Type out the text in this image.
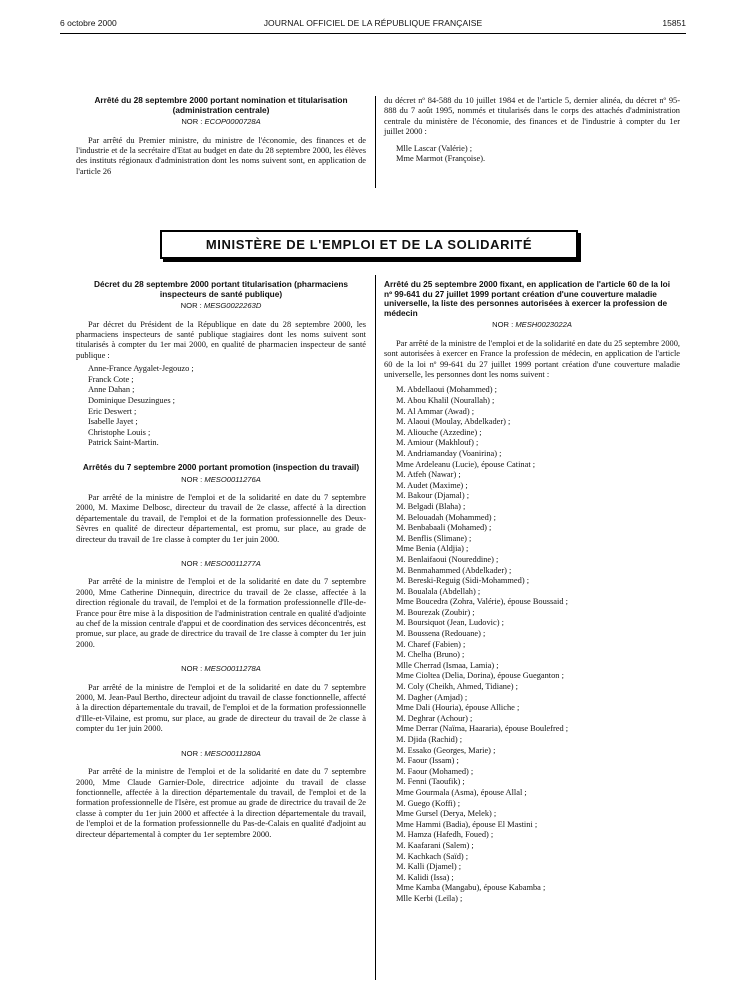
6 octobre 2000	JOURNAL OFFICIEL DE LA RÉPUBLIQUE FRANÇAISE	15851
Arrêté du 28 septembre 2000 portant nomination et titularisation (administration centrale)
NOR : ECOP0000728A

Par arrêté du Premier ministre, du ministre de l'économie, des finances et de l'industrie et de la secrétaire d'Etat au budget en date du 28 septembre 2000, les élèves des instituts régionaux d'administration dont les noms suivent sont, en application de l'article 26

du décret nº 84-588 du 10 juillet 1984 et de l'article 5, dernier alinéa, du décret nº 95-888 du 7 août 1995, nommés et titularisés dans le corps des attachés d'administration centrale du ministère de l'économie, des finances et de l'industrie à compter du 1er juillet 2000 :

Mlle Lascar (Valérie) ;
Mme Marmot (Françoise).
MINISTÈRE DE L'EMPLOI ET DE LA SOLIDARITÉ
Décret du 28 septembre 2000 portant titularisation (pharmaciens inspecteurs de santé publique)
NOR : MESG0022263D

Par décret du Président de la République en date du 28 septembre 2000, les pharmaciens inspecteurs de santé publique stagiaires dont les noms suivent sont titularisés à compter du 1er mai 2000, en qualité de pharmacien inspecteur de santé publique :

Anne-France Aygalet-Jegouzo ;
Franck Cote ;
Anne Dahan ;
Dominique Desuzingues ;
Eric Deswert ;
Isabelle Jayet ;
Christophe Louis ;
Patrick Saint-Martin.
Arrêtés du 7 septembre 2000 portant promotion (inspection du travail)
NOR : MESO0011276A

Par arrêté de la ministre de l'emploi et de la solidarité en date du 7 septembre 2000, M. Maxime Delbosc, directeur du travail de 2e classe, affecté à la direction départementale du travail, de l'emploi et de la formation professionnelle des Deux-Sèvres en qualité de directeur départemental, est promu, sur place, au grade de directeur du travail de 1re classe à compter du 1er juin 2000.

NOR : MESO0011277A

Par arrêté de la ministre de l'emploi et de la solidarité en date du 7 septembre 2000, Mme Catherine Dinnequin, directrice du travail de 2e classe, affectée à la direction régionale du travail, de l'emploi et de la formation professionnelle d'Ile-de-France pour être mise à la disposition de l'administration centrale en qualité d'adjointe au chef de la mission centrale d'appui et de coordination des services déconcentrés, est promue, sur place, au grade de directrice du travail de 1re classe à compter du 1er juin 2000.

NOR : MESO0011278A

Par arrêté de la ministre de l'emploi et de la solidarité en date du 7 septembre 2000, M. Jean-Paul Bertho, directeur adjoint du travail de classe fonctionnelle, affecté à la direction départementale du travail, de l'emploi et de la formation professionnelle d'Ille-et-Vilaine, est promu, sur place, au grade de directeur du travail de 2e classe à compter du 1er juin 2000.

NOR : MESO0011280A

Par arrêté de la ministre de l'emploi et de la solidarité en date du 7 septembre 2000, Mme Claude Garnier-Dole, directrice adjointe du travail de classe fonctionnelle, affectée à la direction départementale du travail, de l'emploi et de la formation professionnelle de l'Isère, est promue au grade de directrice du travail de 2e classe à compter du 1er juin 2000 et affectée à la direction départementale du travail, de l'emploi et de la formation professionnelle du Pas-de-Calais en qualité d'adjoint au directeur départemental à compter du 1er septembre 2000.

Arrêté du 25 septembre 2000 fixant, en application de l'article 60 de la loi nº 99-641 du 27 juillet 1999 portant création d'une couverture maladie universelle, la liste des personnes autorisées à exercer la profession de médecin
NOR : MESH0023022A

Par arrêté de la ministre de l'emploi et de la solidarité en date du 25 septembre 2000, sont autorisées à exercer en France la profession de médecin, en application de l'article 60 de la loi nº 99-641 du 27 juillet 1999 portant création d'une couverture maladie universelle, les personnes dont les noms suivent :

M. Abdellaoui (Mohammed) ;
M. Abou Khalil (Nourallah) ;
M. Al Ammar (Awad) ;
M. Alaoui (Moulay, Abdelkader) ;
M. Aliouche (Azzedine) ;
M. Amiour (Makhlouf) ;
M. Andriamanday (Voanirina) ;
Mme Ardeleanu (Lucie), épouse Catinat ;
M. Atfeh (Nawar) ;
M. Audet (Maxime) ;
M. Bakour (Djamal) ;
M. Belgadi (Blaha) ;
M. Belouadah (Mohammed) ;
M. Benbabaali (Mohamed) ;
M. Benflis (Slimane) ;
Mme Benia (Aldjia) ;
M. Benlaifaoui (Noureddine) ;
M. Benmahammed (Abdelkader) ;
M. Bereski-Reguig (Sidi-Mohammed) ;
M. Boualala (Abdellah) ;
Mme Boucedra (Zohra, Valérie), épouse Boussaid ;
M. Bourezak (Zoubir) ;
M. Boursiquot (Jean, Ludovic) ;
M. Boussena (Redouane) ;
M. Charef (Fabien) ;
M. Chelha (Bruno) ;
Mlle Cherrad (Ismaa, Lamia) ;
Mme Cioltea (Delia, Dorina), épouse Gueganton ;
M. Coly (Cheikh, Ahmed, Tidiane) ;
M. Dagher (Amjad) ;
Mme Dali (Houria), épouse Alliche ;
M. Deghrar (Achour) ;
Mme Derrar (Naïma, Haararia), épouse Boulefred ;
M. Djida (Rachid) ;
M. Essako (Georges, Marie) ;
M. Faour (Issam) ;
M. Faour (Mohamed) ;
M. Fenni (Taoufik) ;
Mme Gourmala (Asma), épouse Allal ;
M. Guego (Koffi) ;
Mme Gursel (Derya, Melek) ;
Mme Hammi (Badia), épouse El Mastini ;
M. Hamza (Hafedh, Foued) ;
M. Kaafarani (Salem) ;
M. Kachkach (Saïd) ;
M. Kalli (Djamel) ;
M. Kalidi (Issa) ;
Mme Kamba (Mangabu), épouse Kabamba ;
Mlle Kerbi (Leïla) ;
